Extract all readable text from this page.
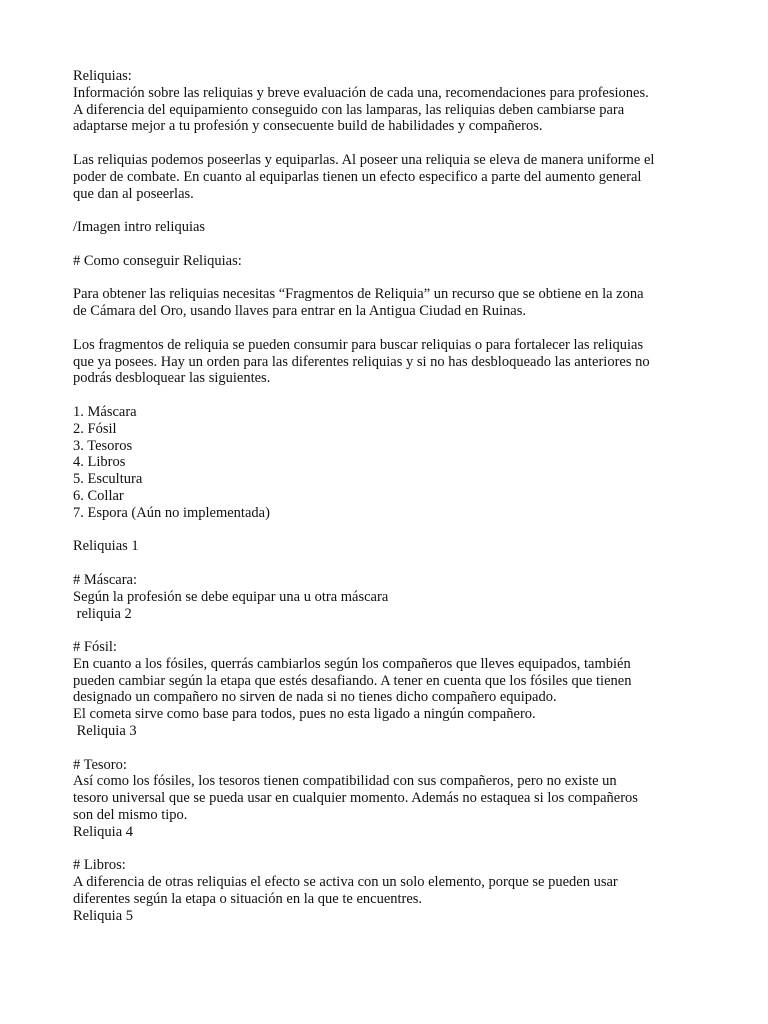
Reliquias:
Información sobre las reliquias y breve evaluación de cada una, recomendaciones para profesiones.
A diferencia del equipamiento conseguido con las lamparas, las reliquias deben cambiarse para
adaptarse mejor a tu profesión y consecuente build de habilidades y compañeros.
Las reliquias podemos poseerlas y equiparlas. Al poseer una reliquia se eleva de manera uniforme el
poder de combate. En cuanto al equiparlas tienen un efecto especifico a parte del aumento general
que dan al poseerlas.
/Imagen intro reliquias
# Como conseguir Reliquias:
Para obtener las reliquias necesitas “Fragmentos de Reliquia” un recurso que se obtiene en la zona
de Cámara del Oro, usando llaves para entrar en la Antigua Ciudad en Ruinas.
Los fragmentos de reliquia se pueden consumir para buscar reliquias o para fortalecer las reliquias
que ya posees. Hay un orden para las diferentes reliquias y si no has desbloqueado las anteriores no
podrás desbloquear las siguientes.
1. Máscara
2. Fósil
3. Tesoros
4. Libros
5. Escultura
6. Collar
7. Espora (Aún no implementada)
Reliquias 1
# Máscara:
Según la profesión se debe equipar una u otra máscara
reliquia 2
# Fósil:
En cuanto a los fósiles, querrás cambiarlos según los compañeros que lleves equipados, también
pueden cambiar según la etapa que estés desafiando. A tener en cuenta que los fósiles que tienen
designado un compañero no sirven de nada si no tienes dicho compañero equipado.
El cometa sirve como base para todos, pues no esta ligado a ningún compañero.
Reliquia 3
# Tesoro:
Así como los fósiles, los tesoros tienen compatibilidad con sus compañeros, pero no existe un
tesoro universal que se pueda usar en cualquier momento. Además no estaquea si los compañeros
son del mismo tipo.
Reliquia 4
# Libros:
A diferencia de otras reliquias el efecto se activa con un solo elemento, porque se pueden usar
diferentes según la etapa o situación en la que te encuentres.
Reliquia 5
